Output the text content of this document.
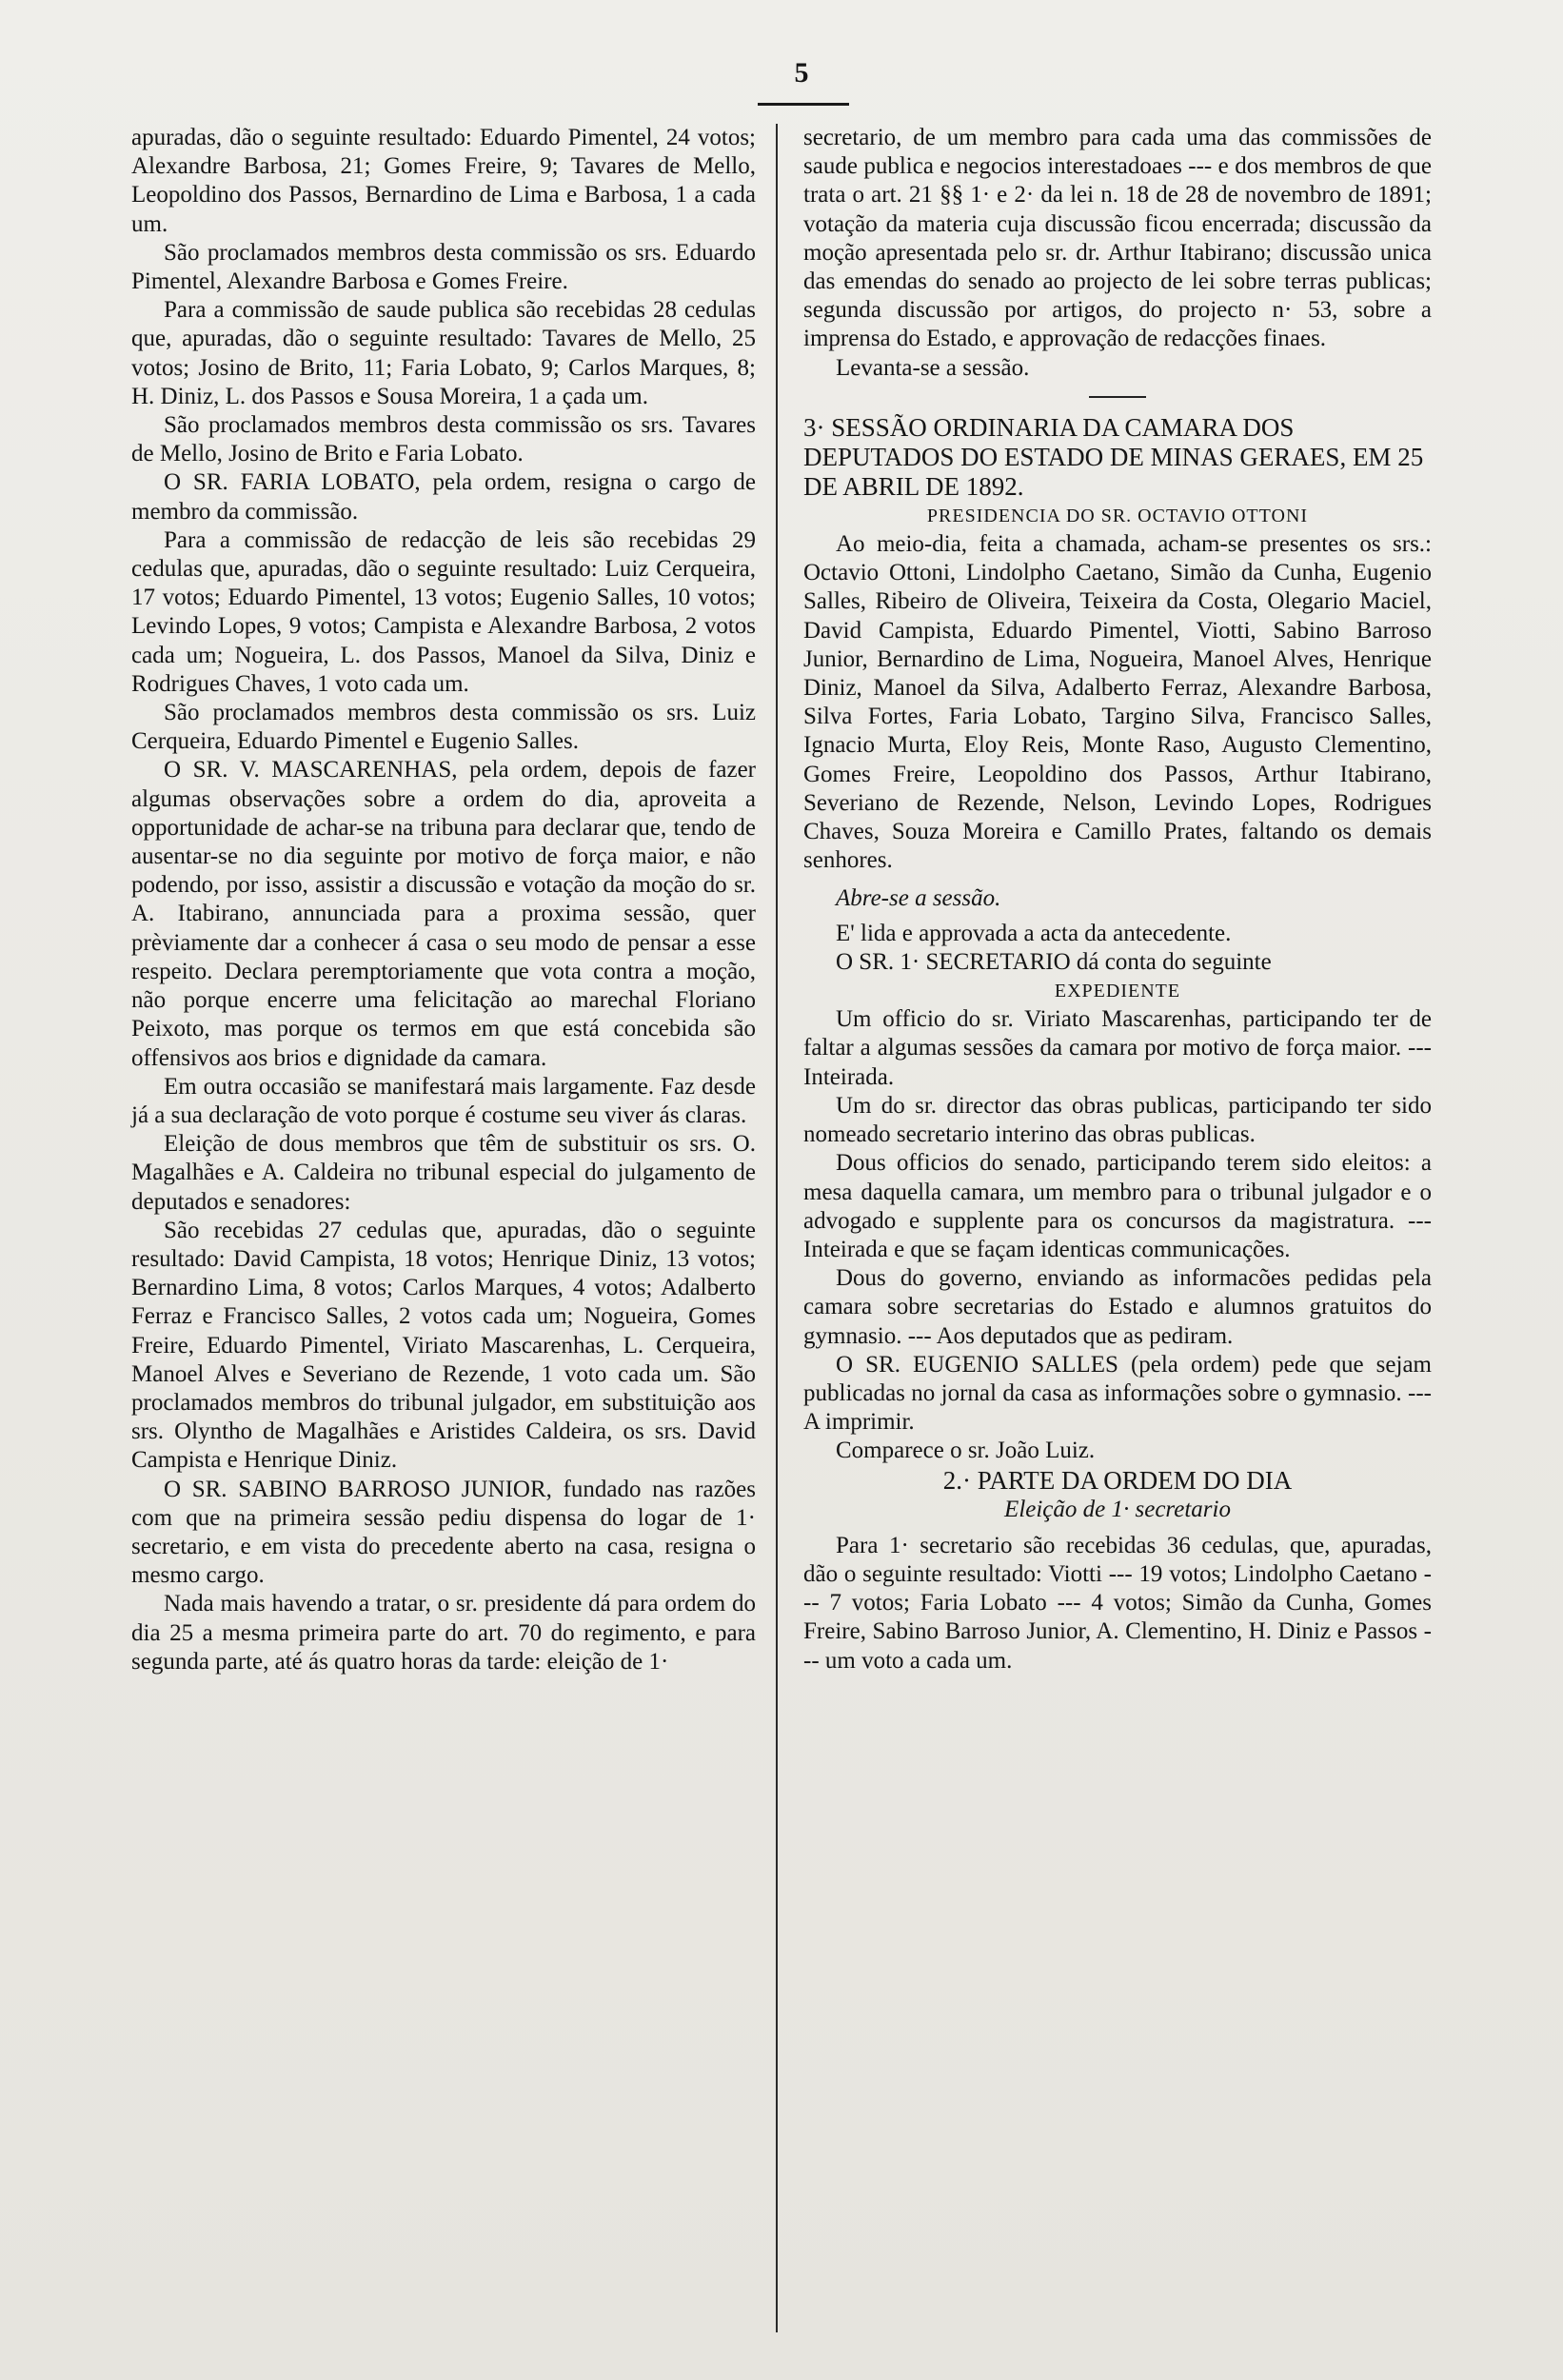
5

apuradas, dão o seguinte resultado: Eduardo Pimentel, 24 votos; Alexandre Barbosa, 21; Gomes Freire, 9; Tavares de Mello, Leopoldino dos Passos, Bernardino de Lima e Barbosa, 1 a cada um.

São proclamados membros desta commissão os srs. Eduardo Pimentel, Alexandre Barbosa e Gomes Freire.

Para a commissão de saude publica são recebidas 28 cedulas que, apuradas, dão o seguinte resultado: Tavares de Mello, 25 votos; Josino de Brito, 11; Faria Lobato, 9; Carlos Marques, 8; H. Diniz, L. dos Passos e Sousa Moreira, 1 a çada um.

São proclamados membros desta commissão os srs. Tavares de Mello, Josino de Brito e Faria Lobato.

O SR. FARIA LOBATO, pela ordem, resigna o cargo de membro da commissão.

Para a commissão de redacção de leis são recebidas 29 cedulas que, apuradas, dão o seguinte resultado: Luiz Cerqueira, 17 votos; Eduardo Pimentel, 13 votos; Eugenio Salles, 10 votos; Levindo Lopes, 9 votos; Campista e Alexandre Barbosa, 2 votos cada um; Nogueira, L. dos Passos, Manoel da Silva, Diniz e Rodrigues Chaves, 1 voto cada um.

São proclamados membros desta commissão os srs. Luiz Cerqueira, Eduardo Pimentel e Eugenio Salles.

O SR. V. MASCARENHAS, pela ordem, depois de fazer algumas observações sobre a ordem do dia, aproveita a opportunidade de achar-se na tribuna para declarar que, tendo de ausentar-se no dia seguinte por motivo de força maior, e não podendo, por isso, assistir a discussão e votação da moção do sr. A. Itabirano, annunciada para a proxima sessão, quer prèviamente dar a conhecer á casa o seu modo de pensar a esse respeito. Declara peremptoriamente que vota contra a moção, não porque encerre uma felicitação ao marechal Floriano Peixoto, mas porque os termos em que está concebida são offensivos aos brios e dignidade da camara.

Em outra occasião se manifestará mais largamente. Faz desde já a sua declaração de voto porque é costume seu viver ás claras.

Eleição de dous membros que têm de substituir os srs. O. Magalhães e A. Caldeira no tribunal especial do julgamento de deputados e senadores:

São recebidas 27 cedulas que, apuradas, dão o seguinte resultado: David Campista, 18 votos; Henrique Diniz, 13 votos; Bernardino Lima, 8 votos; Carlos Marques, 4 votos; Adalberto Ferraz e Francisco Salles, 2 votos cada um; Nogueira, Gomes Freire, Eduardo Pimentel, Viriato Mascarenhas, L. Cerqueira, Manoel Alves e Severiano de Rezende, 1 voto cada um. São proclamados membros do tribunal julgador, em substituição aos srs. Olyntho de Magalhães e Aristides Caldeira, os srs. David Campista e Henrique Diniz.

O SR. SABINO BARROSO JUNIOR, fundado nas razões com que na primeira sessão pediu dispensa do logar de 1· secretario, e em vista do precedente aberto na casa, resigna o mesmo cargo.

Nada mais havendo a tratar, o sr. presidente dá para ordem do dia 25 a mesma primeira parte do art. 70 do regimento, e para segunda parte, até ás quatro horas da tarde: eleição de 1·

secretario, de um membro para cada uma das commissões de saude publica e negocios interestadoaes --- e dos membros de que trata o art. 21 §§ 1· e 2· da lei n. 18 de 28 de novembro de 1891; votação da materia cuja discussão ficou encerrada; discussão da moção apresentada pelo sr. dr. Arthur Itabirano; discussão unica das emendas do senado ao projecto de lei sobre terras publicas; segunda discussão por artigos, do projecto n· 53, sobre a imprensa do Estado, e approvação de redacções finaes.

Levanta-se a sessão.

3· SESSÃO ORDINARIA DA CAMARA DOS DEPUTADOS DO ESTADO DE MINAS GERAES, EM 25 DE ABRIL DE 1892.

PRESIDENCIA DO SR. OCTAVIO OTTONI

Ao meio-dia, feita a chamada, acham-se presentes os srs.: Octavio Ottoni, Lindolpho Caetano, Simão da Cunha, Eugenio Salles, Ribeiro de Oliveira, Teixeira da Costa, Olegario Maciel, David Campista, Eduardo Pimentel, Viotti, Sabino Barroso Junior, Bernardino de Lima, Nogueira, Manoel Alves, Henrique Diniz, Manoel da Silva, Adalberto Ferraz, Alexandre Barbosa, Silva Fortes, Faria Lobato, Targino Silva, Francisco Salles, Ignacio Murta, Eloy Reis, Monte Raso, Augusto Clementino, Gomes Freire, Leopoldino dos Passos, Arthur Itabirano, Severiano de Rezende, Nelson, Levindo Lopes, Rodrigues Chaves, Souza Moreira e Camillo Prates, faltando os demais senhores.

Abre-se a sessão.

E' lida e approvada a acta da antecedente.

O SR. 1· SECRETARIO dá conta do seguinte

EXPEDIENTE

Um officio do sr. Viriato Mascarenhas, participando ter de faltar a algumas sessões da camara por motivo de força maior. --- Inteirada.

Um do sr. director das obras publicas, participando ter sido nomeado secretario interino das obras publicas.

Dous officios do senado, participando terem sido eleitos: a mesa daquella camara, um membro para o tribunal julgador e o advogado e supplente para os concursos da magistratura. --- Inteirada e que se façam identicas communicações.

Dous do governo, enviando as informacões pedidas pela camara sobre secretarias do Estado e alumnos gratuitos do gymnasio. --- Aos deputados que as pediram.

O SR. EUGENIO SALLES (pela ordem) pede que sejam publicadas no jornal da casa as informações sobre o gymnasio. --- A imprimir.

Comparece o sr. João Luiz.

2.· PARTE DA ORDEM DO DIA

Eleição de 1· secretario

Para 1· secretario são recebidas 36 cedulas, que, apuradas, dão o seguinte resultado: Viotti --- 19 votos; Lindolpho Caetano --- 7 votos; Faria Lobato --- 4 votos; Simão da Cunha, Gomes Freire, Sabino Barroso Junior, A. Clementino, H. Diniz e Passos --- um voto a cada um.
